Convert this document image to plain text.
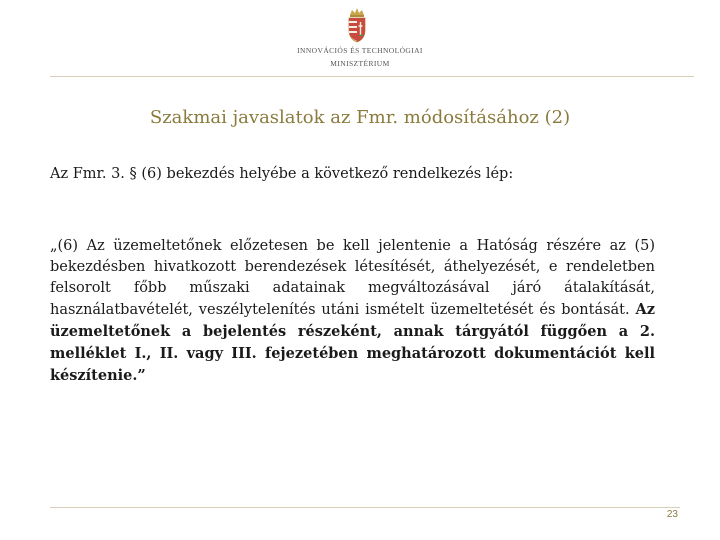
INNOVÁCIÓS ÉS TECHNOLÓGIAI
MINISZTÉRIUM
Szakmai javaslatok az Fmr. módosításához (2)

Az Fmr. 3. § (6) bekezdés helyébe a következő rendelkezés lép:

„(6) Az üzemeltetőnek előzetesen be kell jelentenie a Hatóság részére az (5) bekezdésben hivatkozott berendezések létesítését, áthelyezését, e rendeletben felsorolt főbb műszaki adatainak megváltozásával járó átalakítását, használatbavételét, veszélytelenítés utáni ismételt üzemeltetését és bontását. Az üzemeltetőnek a bejelentés részeként, annak tárgyától függően a 2. melléklet I., II. vagy III. fejezetében meghatározott dokumentációt kell készítenie.”

23
